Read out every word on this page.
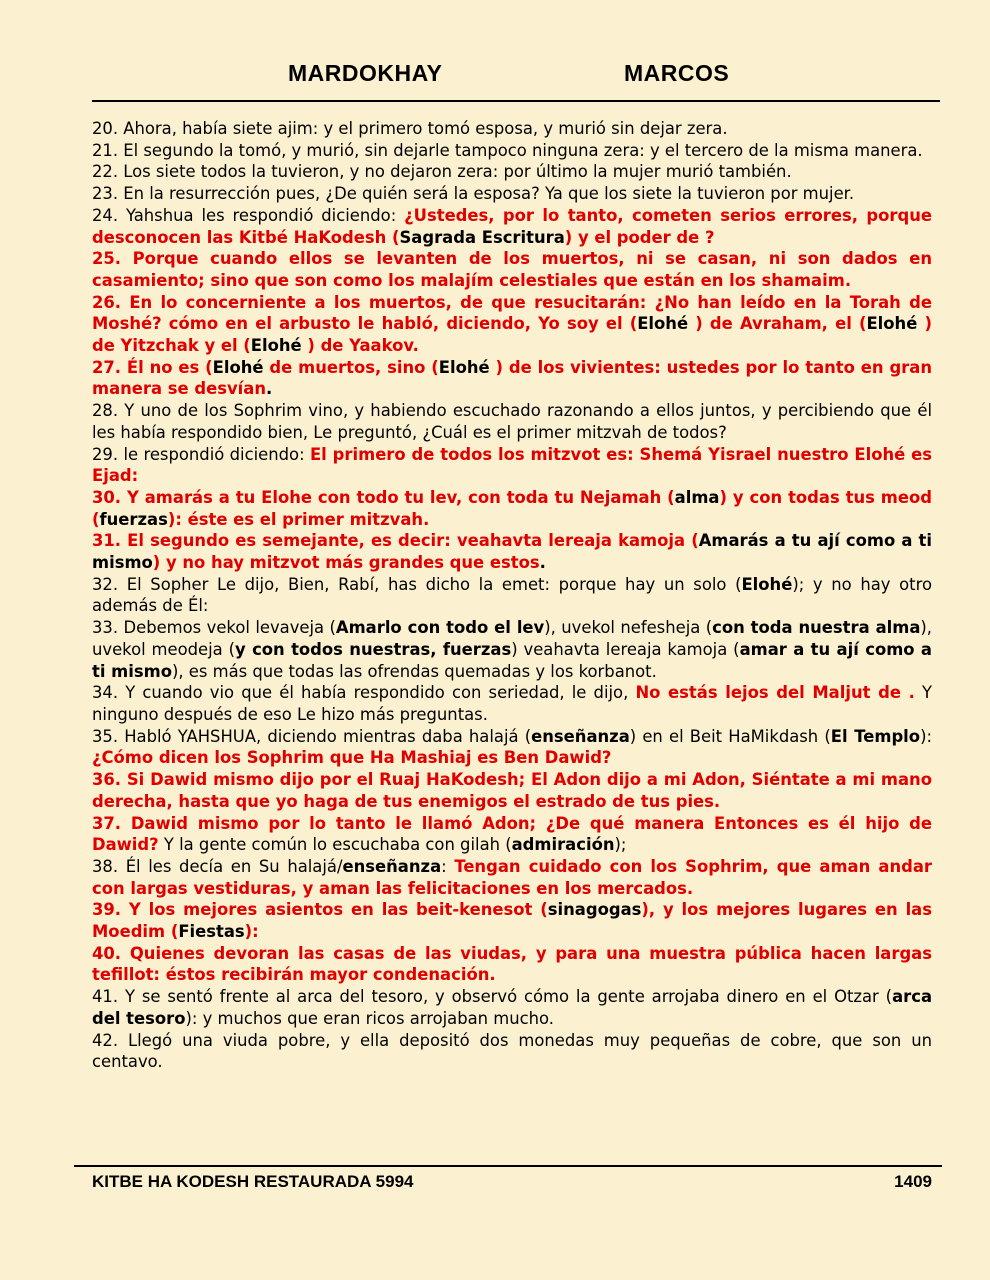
MARDOKHAY	MARCOS

20. Ahora, había siete ajim: y el primero tomó esposa, y murió sin dejar zera.

21. El segundo la tomó, y murió, sin dejarle tampoco ninguna zera: y el tercero de la misma manera.

22. Los siete todos la tuvieron, y no dejaron zera: por último la mujer murió también.

23. En la resurrección pues, ¿De quién será la esposa? Ya que los siete la tuvieron por mujer.

24. Yahshua les respondió diciendo: ¿Ustedes, por lo tanto, cometen serios errores, porque desconocen las Kitbé HaKodesh (Sagrada Escritura) y el poder de ?

25. Porque cuando ellos se levanten de los muertos, ni se casan, ni son dados en casamiento; sino que son como los malajím celestiales que están en los shamaim.

26. En lo concerniente a los muertos, de que resucitarán: ¿No han leído en la Torah de Moshé? cómo en el arbusto le habló, diciendo, Yo soy el (Elohé ) de Avraham, el (Elohé ) de Yitzchak y el (Elohé ) de Yaakov.

27. Él no es (Elohé de muertos, sino (Elohé ) de los vivientes: ustedes por lo tanto en gran manera se desvían.

28. Y uno de los Sophrim vino, y habiendo escuchado razonando a ellos juntos, y percibiendo que él les había respondido bien, Le preguntó, ¿Cuál es el primer mitzvah de todos?

29. le respondió diciendo: El primero de todos los mitzvot es: Shemá Yisrael nuestro Elohé es Ejad:

30. Y amarás a tu Elohe con todo tu lev, con toda tu Nejamah (alma) y con todas tus meod (fuerzas): éste es el primer mitzvah.

31. El segundo es semejante, es decir: veahavta lereaja kamoja (Amarás a tu ají como a ti mismo) y no hay mitzvot más grandes que estos.

32. El Sopher Le dijo, Bien, Rabí, has dicho la emet: porque hay un solo (Elohé); y no hay otro además de Él:

33. Debemos vekol levaveja (Amarlo con todo el lev), uvekol nefesheja (con toda nuestra alma), uvekol meodeja (y con todos nuestras, fuerzas) veahavta lereaja kamoja (amar a tu ají como a ti mismo), es más que todas las ofrendas quemadas y los korbanot.

34. Y cuando vio que él había respondido con seriedad, le dijo, No estás lejos del Maljut de . Y ninguno después de eso Le hizo más preguntas.

35. Habló YAHSHUA, diciendo mientras daba halajá (enseñanza) en el Beit HaMikdash (El Templo): ¿Cómo dicen los Sophrim que Ha Mashiaj es Ben Dawid?

36. Si Dawid mismo dijo por el Ruaj HaKodesh; El Adon dijo a mi Adon, Siéntate a mi mano derecha, hasta que yo haga de tus enemigos el estrado de tus pies.

37. Dawid mismo por lo tanto le llamó Adon; ¿De qué manera Entonces es él hijo de Dawid? Y la gente común lo escuchaba con gilah (admiración);

38. Él les decía en Su halajá/enseñanza: Tengan cuidado con los Sophrim, que aman andar con largas vestiduras, y aman las felicitaciones en los mercados.

39. Y los mejores asientos en las beit-kenesot (sinagogas), y los mejores lugares en las Moedim (Fiestas):

40. Quienes devoran las casas de las viudas, y para una muestra pública hacen largas tefillot: éstos recibirán mayor condenación.

41. Y se sentó frente al arca del tesoro, y observó cómo la gente arrojaba dinero en el Otzar (arca del tesoro): y muchos que eran ricos arrojaban mucho.

42. Llegó una viuda pobre, y ella depositó dos monedas muy pequeñas de cobre, que son un centavo.

KITBE HA KODESH RESTAURADA 5994	1409
